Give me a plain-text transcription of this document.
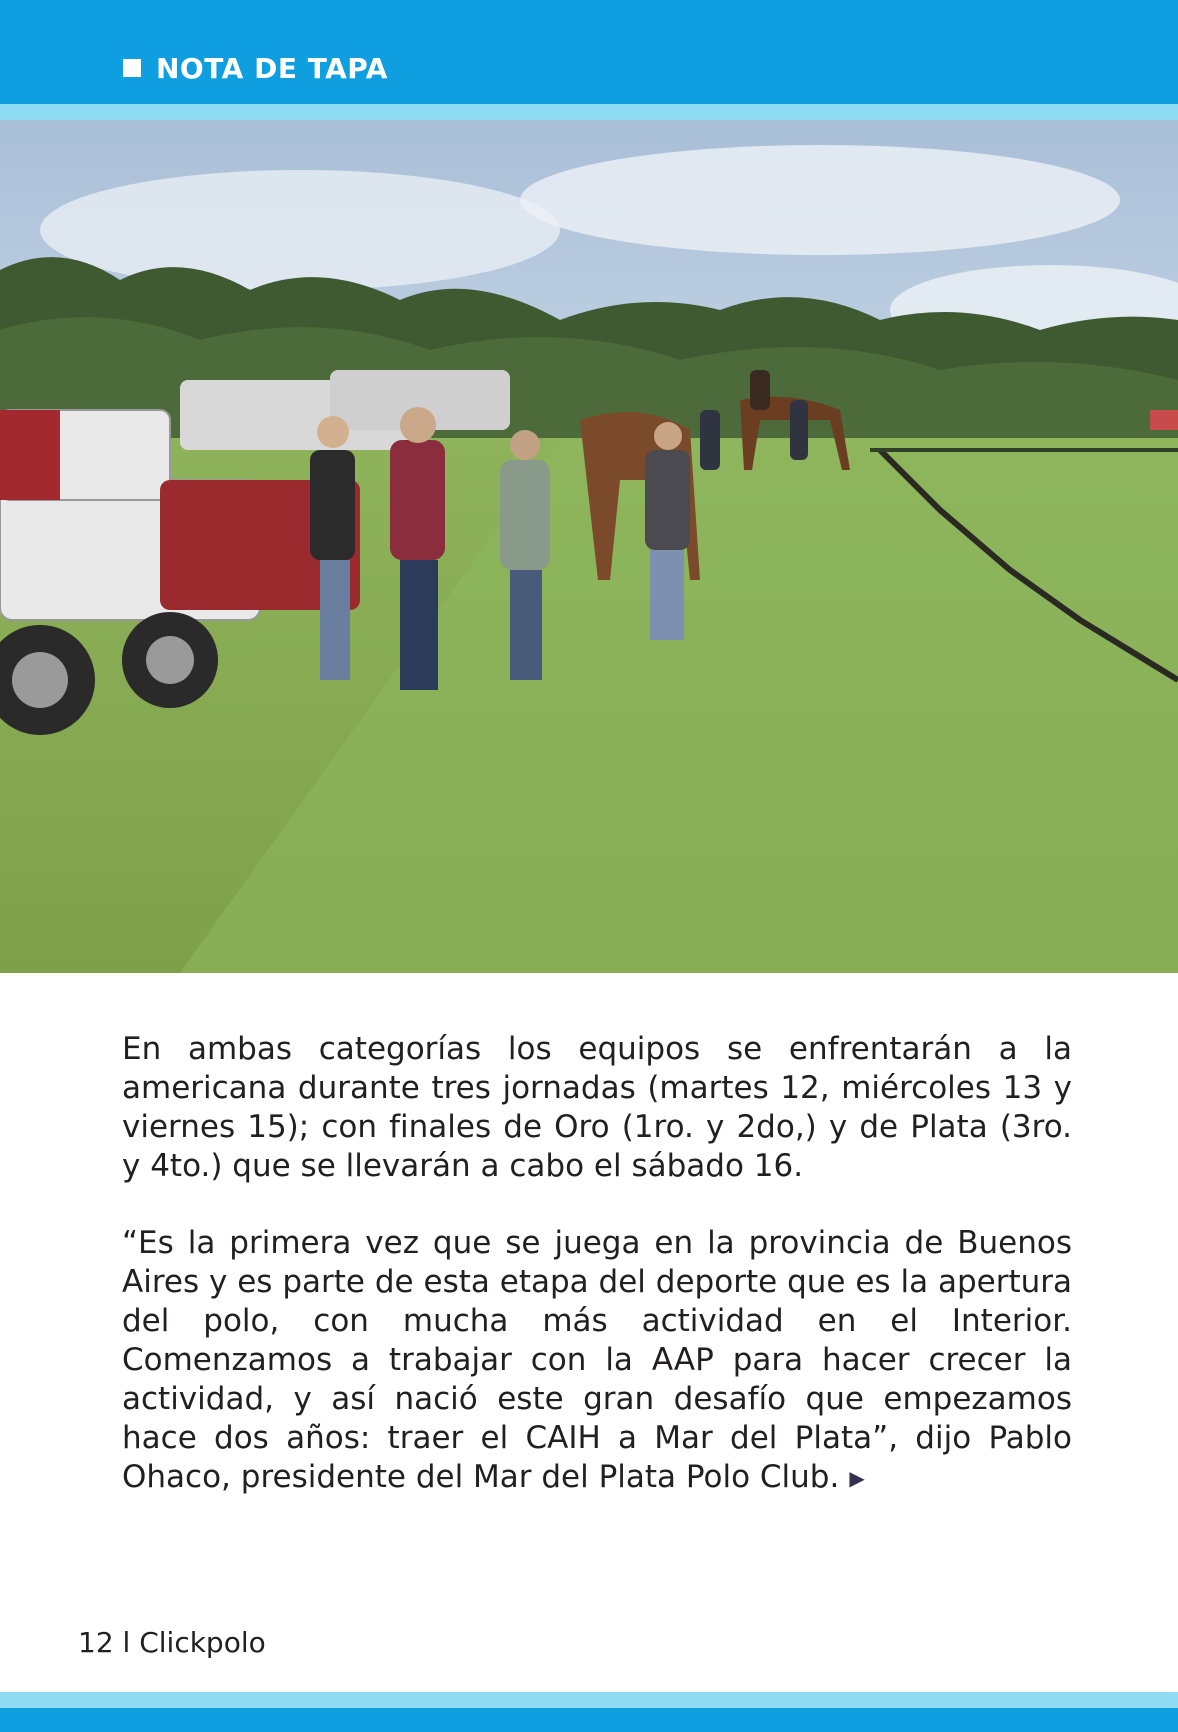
NOTA DE TAPA

En ambas categorías los equipos se enfrentarán a la americana durante tres jornadas (martes 12, miércoles 13 y viernes 15); con finales de Oro (1ro. y 2do,) y de Plata (3ro. y 4to.) que se llevarán a cabo el sábado 16.

“Es la primera vez que se juega en la provincia de Buenos Aires y es parte de esta etapa del deporte que es la apertura del polo, con mucha más actividad en el Interior. Comenzamos a trabajar con la AAP para hacer crecer la actividad, y así nació este gran desafío que empezamos hace dos años: traer el CAIH a Mar del Plata”, dijo Pablo Ohaco, presidente del Mar del Plata Polo Club. ▶

12 l Clickpolo
